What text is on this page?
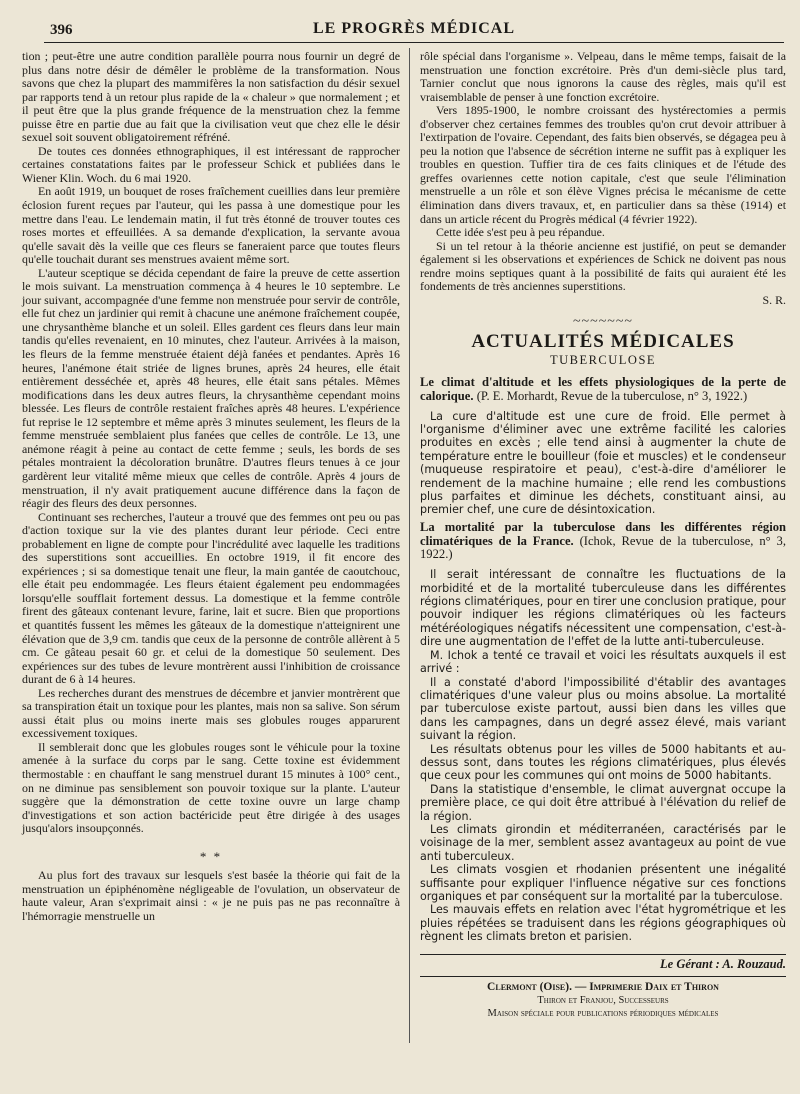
396	LE PROGRÈS MÉDICAL

tion ; peut-être une autre condition parallèle pourra nous fournir un degré de plus dans notre désir de démêler le problème de la transformation. Nous savons que chez la plupart des mammifères la non satisfaction du désir sexuel par rapports tend à un retour plus rapide de la « chaleur » que normalement ; et il peut être que la plus grande fréquence de la menstruation chez la femme puisse être en partie due au fait que la civilisation veut que chez elle le désir sexuel soit souvent obligatoirement réfréné.

De toutes ces données ethnographiques, il est intéressant de rapprocher certaines constatations faites par le professeur Schick et publiées dans le Wiener Klin. Woch. du 6 mai 1920.

En août 1919, un bouquet de roses fraîchement cueillies dans leur première éclosion furent reçues par l'auteur, qui les passa à une domestique pour les mettre dans l'eau. Le lendemain matin, il fut très étonné de trouver toutes ces roses mortes et effeuillées. A sa demande d'explication, la servante avoua qu'elle savait dès la veille que ces fleurs se faneraient parce que toutes fleurs qu'elle touchait durant ses menstrues avaient même sort.

L'auteur sceptique se décida cependant de faire la preuve de cette assertion le mois suivant. La menstruation commença à 4 heures le 10 septembre. Le jour suivant, accompagnée d'une femme non menstruée pour servir de contrôle, elle fut chez un jardinier qui remit à chacune une anémone fraîchement coupée, une chrysanthème blanche et un soleil. Elles gardent ces fleurs dans leur main tandis qu'elles revenaient, en 10 minutes, chez l'auteur. Arrivées à la maison, les fleurs de la femme menstruée étaient déjà fanées et pendantes. Après 16 heures, l'anémone était striée de lignes brunes, après 24 heures, elle était entièrement desséchée et, après 48 heures, elle était sans pétales. Mêmes modifications dans les deux autres fleurs, la chrysanthème cependant moins blessée. Les fleurs de contrôle restaient fraîches après 48 heures. L'expérience fut reprise le 12 septembre et même après 3 minutes seulement, les fleurs de la femme menstruée semblaient plus fanées que celles de contrôle. Le 13, une anémone réagit à peine au contact de cette femme ; seuls, les bords de ses pétales montraient la décoloration brunâtre. D'autres fleurs tenues à ce jour gardèrent leur vitalité même mieux que celles de contrôle. Après 4 jours de menstruation, il n'y avait pratiquement aucune différence dans la façon de réagir des fleurs des deux personnes.

Continuant ses recherches, l'auteur a trouvé que des femmes ont peu ou pas d'action toxique sur la vie des plantes durant leur période. Ceci entre probablement en ligne de compte pour l'incrédulité avec laquelle les traditions des superstitions sont accueillies. En octobre 1919, il fit encore des expériences ; si sa domestique tenait une fleur, la main gantée de caoutchouc, elle était peu endommagée. Les fleurs étaient également peu endommagées lorsqu'elle soufflait fortement dessus. La domestique et la femme contrôle firent des gâteaux contenant levure, farine, lait et sucre. Bien que proportions et quantités fussent les mêmes les gâteaux de la domestique n'atteignirent une élévation que de 3,9 cm. tandis que ceux de la personne de contrôle allèrent à 5 cm. Ce gâteau pesait 60 gr. et celui de la domestique 50 seulement. Des expériences sur des tubes de levure montrèrent aussi l'inhibition de croissance durant de 6 à 14 heures.

Les recherches durant des menstrues de décembre et janvier montrèrent que sa transpiration était un toxique pour les plantes, mais non sa salive. Son sérum aussi était plus ou moins inerte mais ses globules rouges apparurent excessivement toxiques.

Il semblerait donc que les globules rouges sont le véhicule pour la toxine amenée à la surface du corps par le sang. Cette toxine est évidemment thermostable : en chauffant le sang menstruel durant 15 minutes à 100° cent., on ne diminue pas sensiblement son pouvoir toxique sur la plante. L'auteur suggère que la démonstration de cette toxine ouvre un large champ d'investigations et son action bactéricide peut être dirigée à des usages jusqu'alors insoupçonnés.

* *

Au plus fort des travaux sur lesquels s'est basée la théorie qui fait de la menstruation un épiphénomène négligeable de l'ovulation, un observateur de haute valeur, Aran s'exprimait ainsi : « je ne puis pas ne pas reconnaître à l'hémorragie menstruelle un

rôle spécial dans l'organisme ». Velpeau, dans le même temps, faisait de la menstruation une fonction excrétoire. Près d'un demi-siècle plus tard, Tarnier conclut que nous ignorons la cause des règles, mais qu'il est vraisemblable de penser à une fonction excrétoire.

Vers 1895-1900, le nombre croissant des hystérectomies a permis d'observer chez certaines femmes des troubles qu'on crut devoir attribuer à l'extirpation de l'ovaire. Cependant, des faits bien observés, se dégagea peu à peu la notion que l'absence de sécrétion interne ne suffit pas à expliquer les troubles en question. Tuffier tira de ces faits cliniques et de l'étude des greffes ovariennes cette notion capitale, c'est que seule l'élimination menstruelle a un rôle et son élève Vignes précisa le mécanisme de cette élimination dans divers travaux, et, en particulier dans sa thèse (1914) et dans un article récent du Progrès médical (4 février 1922).

Cette idée s'est peu à peu répandue.

Si un tel retour à la théorie ancienne est justifié, on peut se demander également si les observations et expériences de Schick ne doivent pas nous rendre moins septiques quant à la possibilité de faits qui auraient été les fondements de très anciennes superstitions.

S. R.
~~~~~~~
ACTUALITÉS MÉDICALES
TUBERCULOSE
Le climat d'altitude et les effets physiologiques de la perte de calorique. (P. E. Morhardt, Revue de la tuberculose, n° 3, 1922.)

La cure d'altitude est une cure de froid. Elle permet à l'organisme d'éliminer avec une extrême facilité les calories produites en excès ; elle tend ainsi à augmenter la chute de température entre le bouilleur (foie et muscles) et le condenseur (muqueuse respiratoire et peau), c'est-à-dire d'améliorer le rendement de la machine humaine ; elle rend les combustions plus parfaites et diminue les déchets, constituant ainsi, au premier chef, une cure de désintoxication.

La mortalité par la tuberculose dans les différentes région climatériques de la France. (Ichok, Revue de la tuberculose, n° 3, 1922.)

Il serait intéressant de connaître les fluctuations de la morbidité et de la mortalité tuberculeuse dans les différentes régions climatériques, pour en tirer une conclusion pratique, pour pouvoir indiquer les régions climatériques où les facteurs météréologiques négatifs nécessitent une compensation, c'est-à-dire une augmentation de l'effet de la lutte anti-tuberculeuse.

M. Ichok a tenté ce travail et voici les résultats auxquels il est arrivé :

Il a constaté d'abord l'impossibilité d'établir des avantages climatériques d'une valeur plus ou moins absolue. La mortalité par tuberculose existe partout, aussi bien dans les villes que dans les campagnes, dans un degré assez élevé, mais variant suivant la région.

Les résultats obtenus pour les villes de 5000 habitants et au-dessus sont, dans toutes les régions climatériques, plus élevés que ceux pour les communes qui ont moins de 5000 habitants.

Dans la statistique d'ensemble, le climat auvergnat occupe la première place, ce qui doit être attribué à l'élévation du relief de la région.

Les climats girondin et méditerranéen, caractérisés par le voisinage de la mer, semblent assez avantageux au point de vue anti tuberculeux.

Les climats vosgien et rhodanien présentent une inégalité suffisante pour expliquer l'influence négative sur ces fonctions organiques et par conséquent sur la mortalité par la tuberculose.

Les mauvais effets en relation avec l'état hygrométrique et les pluies répétées se traduisent dans les régions géographiques où règnent les climats breton et parisien.

Le Gérant : A. Rouzaud.
Clermont (Oise). — Imprimerie Daix et Thiron
Thiron et Franjou, Successeurs
Maison spéciale pour publications périodiques médicales
